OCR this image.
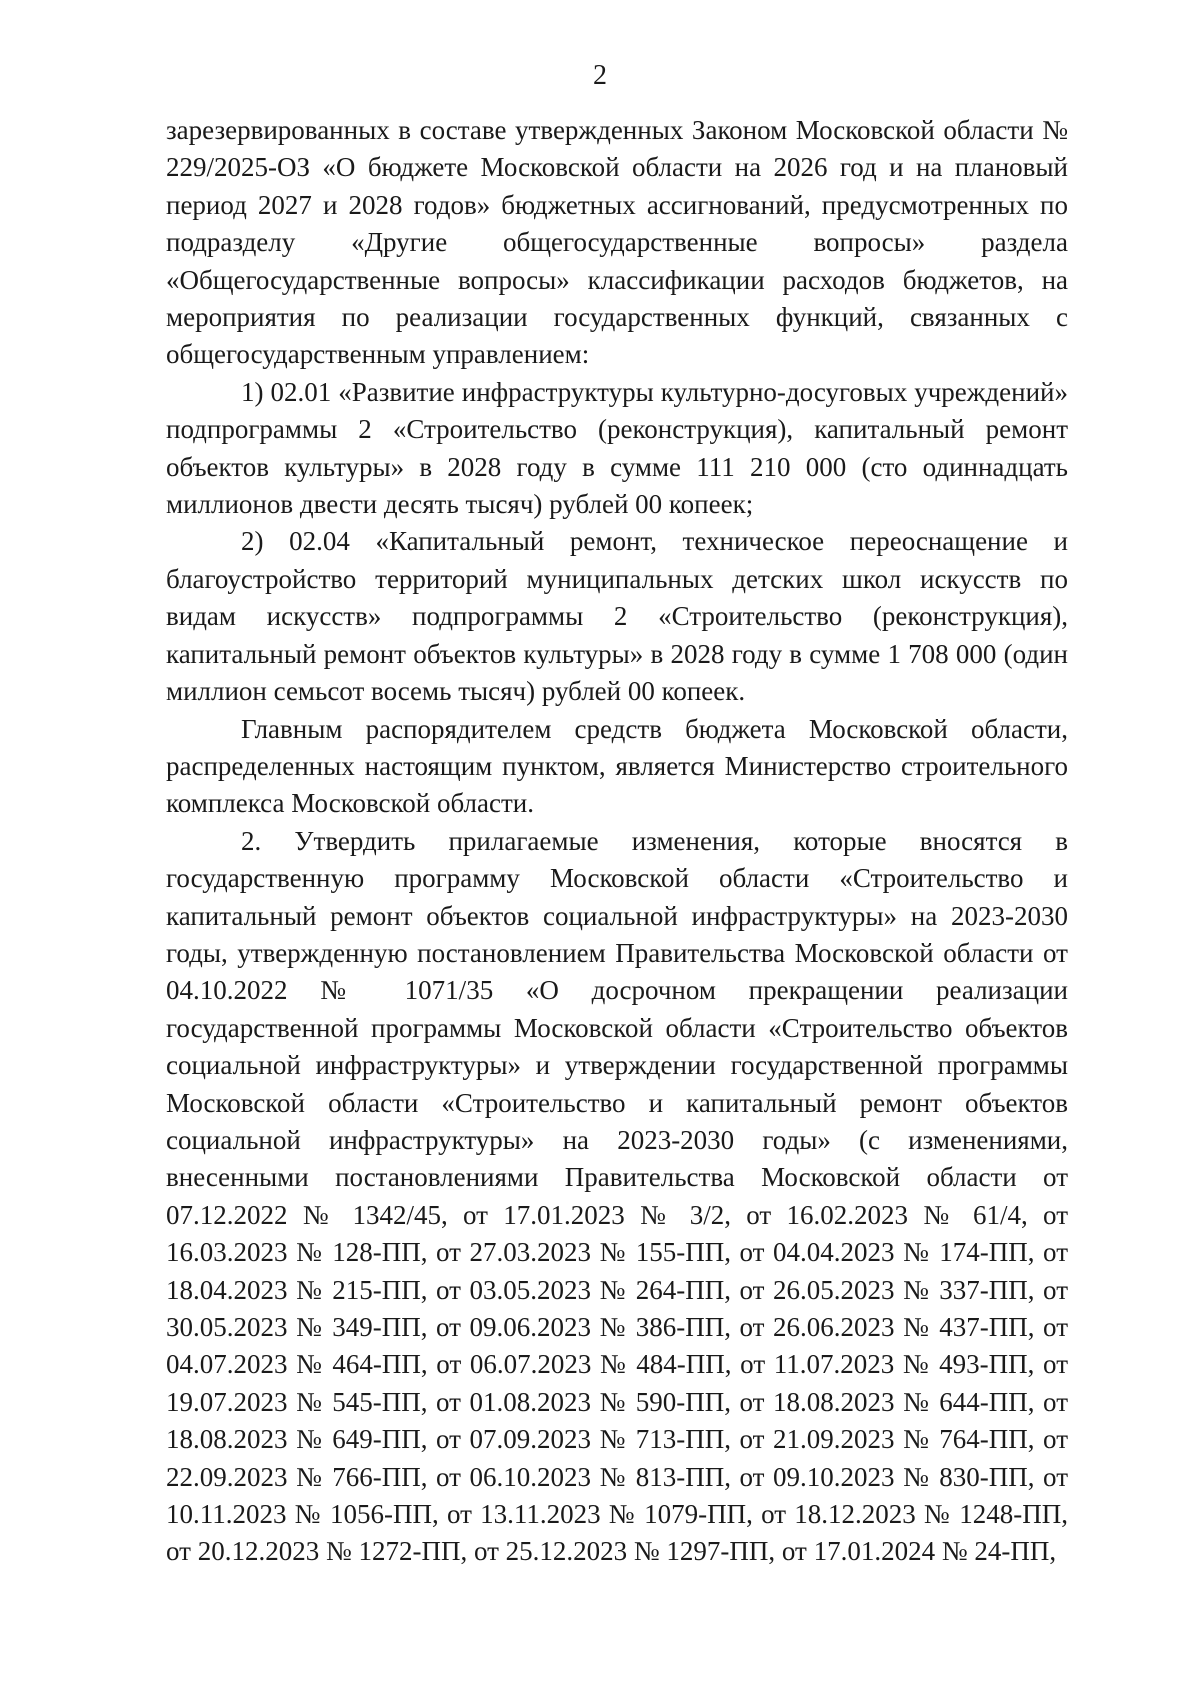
2

зарезервированных в составе утвержденных Законом Московской области № 229/2025-ОЗ «О бюджете Московской области на 2026 год и на плановый период 2027 и 2028 годов» бюджетных ассигнований, предусмотренных по подразделу «Другие общегосударственные вопросы» раздела «Общегосударственные вопросы» классификации расходов бюджетов, на мероприятия по реализации государственных функций, связанных с общегосударственным управлением:

1) 02.01 «Развитие инфраструктуры культурно-досуговых учреждений» подпрограммы 2 «Строительство (реконструкция), капитальный ремонт объектов культуры» в 2028 году в сумме 111 210 000 (сто одиннадцать миллионов двести десять тысяч) рублей 00 копеек;

2) 02.04 «Капитальный ремонт, техническое переоснащение и благоустройство территорий муниципальных детских школ искусств по видам искусств» подпрограммы 2 «Строительство (реконструкция), капитальный ремонт объектов культуры» в 2028 году в сумме 1 708 000 (один миллион семьсот восемь тысяч) рублей 00 копеек.

Главным распорядителем средств бюджета Московской области, распределенных настоящим пунктом, является Министерство строительного комплекса Московской области.

2. Утвердить прилагаемые изменения, которые вносятся в государственную программу Московской области «Строительство и капитальный ремонт объектов социальной инфраструктуры» на 2023-2030 годы, утвержденную постановлением Правительства Московской области от 04.10.2022 № 1071/35 «О досрочном прекращении реализации государственной программы Московской области «Строительство объектов социальной инфраструктуры» и утверждении государственной программы Московской области «Строительство и капитальный ремонт объектов социальной инфраструктуры» на 2023-2030 годы» (с изменениями, внесенными постановлениями Правительства Московской области от 07.12.2022 № 1342/45, от 17.01.2023 № 3/2, от 16.02.2023 № 61/4, от 16.03.2023 № 128-ПП, от 27.03.2023 № 155-ПП, от 04.04.2023 № 174-ПП, от 18.04.2023 № 215-ПП, от 03.05.2023 № 264-ПП, от 26.05.2023 № 337-ПП, от 30.05.2023 № 349-ПП, от 09.06.2023 № 386-ПП, от 26.06.2023 № 437-ПП, от 04.07.2023 № 464-ПП, от 06.07.2023 № 484-ПП, от 11.07.2023 № 493-ПП, от 19.07.2023 № 545-ПП, от 01.08.2023 № 590-ПП, от 18.08.2023 № 644-ПП, от 18.08.2023 № 649-ПП, от 07.09.2023 № 713-ПП, от 21.09.2023 № 764-ПП, от 22.09.2023 № 766-ПП, от 06.10.2023 № 813-ПП, от 09.10.2023 № 830-ПП, от 10.11.2023 № 1056-ПП, от 13.11.2023 № 1079-ПП, от 18.12.2023 № 1248-ПП, от 20.12.2023 № 1272-ПП, от 25.12.2023 № 1297-ПП, от 17.01.2024 № 24-ПП,
